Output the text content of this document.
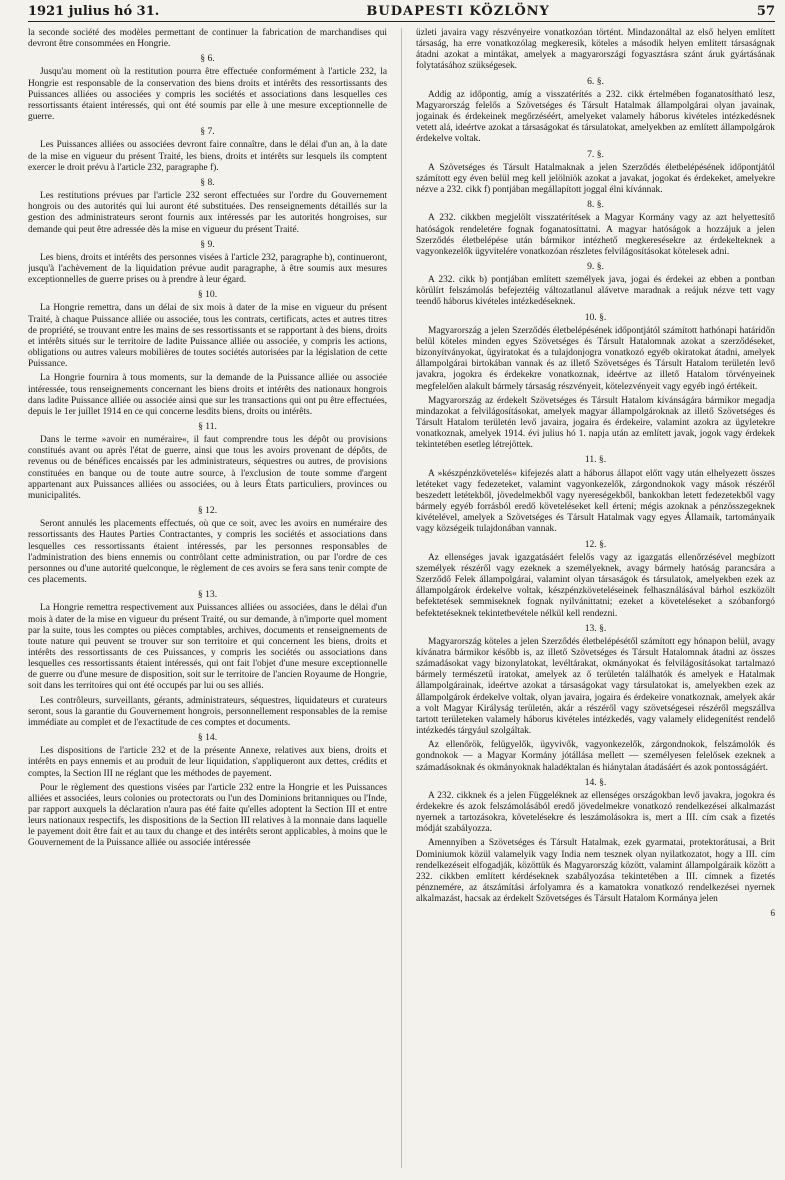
1921 julius hó 31.	BUDAPESTI KÖZLÖNY	57

la seconde société des modèles permettant de continuer la fabrication de marchandises qui devront être consommées en Hongrie.

§ 6.

Jusqu'au moment où la restitution pourra être effectuée conformément à l'article 232, la Hongrie est responsable de la conservation des biens droits et intérêts des ressortissants des Puissances alliées ou associées y compris les sociétés et associations dans lesquelles ces ressortissants étaient intéressés, qui ont été soumis par elle à une mesure exceptionnelle de guerre.

§ 7.

Les Puissances alliées ou associées devront faire connaître, dans le délai d'un an, à la date de la mise en vigueur du présent Traité, les biens, droits et intérêts sur lesquels ils comptent exercer le droit prévu à l'article 232, paragraphe f).

§ 8.

Les restitutions prévues par l'article 232 seront effectuées sur l'ordre du Gouvernement hongrois ou des autorités qui lui auront été substituées. Des renseignements détaillés sur la gestion des administrateurs seront fournis aux intéressés par les autorités hongroises, sur demande qui peut être adressée dès la mise en vigueur du présent Traité.

§ 9.

Les biens, droits et intérêts des personnes visées à l'article 232, paragraphe b), continueront, jusqu'à l'achèvement de la liquidation prévue audit paragraphe, à être soumis aux mesures exceptionnelles de guerre prises ou à prendre à leur égard.

§ 10.

La Hongrie remettra, dans un délai de six mois à dater de la mise en vigueur du présent Traité, à chaque Puissance alliée ou associée, tous les contrats, certificats, actes et autres titres de propriété, se trouvant entre les mains de ses ressortissants et se rapportant à des biens, droits et intérêts situés sur le territoire de ladite Puissance alliée ou associée, y compris les actions, obligations ou autres valeurs mobilières de toutes sociétés autorisées par la législation de cette Puissance.

La Hongrie fournira à tous moments, sur la demande de la Puissance alliée ou associée intéressée, tous renseignements concernant les biens droits et intérêts des nationaux hongrois dans ladite Puissance alliée ou associée ainsi que sur les transactions qui ont pu être effectuées, depuis le 1er juillet 1914 en ce qui concerne lesdits biens, droits ou intérêts.

§ 11.

Dans le terme »avoir en numéraire«, il faut comprendre tous les dépôt ou provisions constitués avant ou après l'état de guerre, ainsi que tous les avoirs provenant de dépôts, de revenus ou de bénéfices encaissés par les administrateurs, séquestres ou autres, de provisions constituées en banque ou de toute autre source, à l'exclusion de toute somme d'argent appartenant aux Puissances alliées ou associées, ou à leurs États particuliers, provinces ou municipalités.

§ 12.

Seront annulés les placements effectués, où que ce soit, avec les avoirs en numéraire des ressortissants des Hautes Parties Contractantes, y compris les sociétés et associations dans lesquelles ces ressortissants étaient intéressés, par les personnes responsables de l'administration des biens ennemis ou contrôlant cette administration, ou par l'ordre de ces personnes ou d'une autorité quelconque, le règlement de ces avoirs se fera sans tenir compte de ces placements.

§ 13.

La Hongrie remettra respectivement aux Puissances alliées ou associées, dans le délai d'un mois à dater de la mise en vigueur du présent Traité, ou sur demande, à n'importe quel moment par la suite, tous les comptes ou pièces comptables, archives, documents et renseignements de toute nature qui peuvent se trouver sur son territoire et qui concernent les biens, droits et intérêts des ressortissants de ces Puissances, y compris les sociétés ou associations dans lesquelles ces ressortissants étaient intéressés, qui ont fait l'objet d'une mesure exceptionnelle de guerre ou d'une mesure de disposition, soit sur le territoire de l'ancien Royaume de Hongrie, soit dans les territoires qui ont été occupés par lui ou ses alliés.

Les contrôleurs, surveillants, gérants, administrateurs, séquestres, liquidateurs et curateurs seront, sous la garantie du Gouvernement hongrois, personnellement responsables de la remise immédiate au complet et de l'exactitude de ces comptes et documents.

§ 14.

Les dispositions de l'article 232 et de la présente Annexe, relatives aux biens, droits et intérêts en pays ennemis et au produit de leur liquidation, s'appliqueront aux dettes, crédits et comptes, la Section III ne réglant que les méthodes de payement.

Pour le règlement des questions visées par l'article 232 entre la Hongrie et les Puissances alliées et associées, leurs colonies ou protectorats ou l'un des Dominions britanniques ou l'Inde, par rapport auxquels la déclaration n'aura pas été faite qu'elles adoptent la Section III et entre leurs nationaux respectifs, les dispositions de la Section III relatives à la monnaie dans laquelle le payement doit être fait et au taux du change et des intérêts seront applicables, à moins que le Gouvernement de la Puissance alliée ou associée intéressée

üzleti javaira vagy részvényeire vonatkozóan történt. Mindazonáltal az első helyen említett társaság, ha erre vonatkozólag megkeresik, köteles a második helyen említett társaságnak átadni azokat a mintákat, amelyek a magyarországi fogyasztásra szánt áruk gyártásának folytatásához szükségesek.

6. §.

Addig az időpontig, amíg a visszatérítés a 232. cikk értelmében foganatosítható lesz, Magyarország felelős a Szövetséges és Társult Hatalmak állampolgárai olyan javainak, jogainak és érdekeinek megőrzéséért, amelyeket valamely háborus kivételes intézkedésnek vetett alá, ideértve azokat a társaságokat és társulatokat, amelyekben az említett állampolgárok érdekelve voltak.

7. §.

A Szövetséges és Társult Hatalmaknak a jelen Szerződés életbelépésének időpontjától számított egy éven belül meg kell jelölniök azokat a javakat, jogokat és érdekeket, amelyekre nézve a 232. cikk f) pontjában megállapított joggal élni kívánnak.

8. §.

A 232. cikkben megjelölt visszatérítések a Magyar Kormány vagy az azt helyettesítő hatóságok rendeletére fognak foganatosíttatni. A magyar hatóságok a hozzájuk a jelen Szerződés életbelépése után bármikor intézhető megkeresésekre az érdekelteknek a vagyonkezelők ügyvitelére vonatkozóan részletes felvilágosításokat kötelesek adni.

9. §.

A 232. cikk b) pontjában említett személyek java, jogai és érdekei az ebben a pontban körülírt felszámolás befejeztéig változatlanul alávetve maradnak a reájuk nézve tett vagy teendő háborus kivételes intézkedéseknek.

10. §.

Magyarország a jelen Szerződés életbelépésének időpontjától számított hathónapi határidőn belül köteles minden egyes Szövetséges és Társult Hatalomnak azokat a szerződéseket, bizonyítványokat, ügyiratokat és a tulajdonjogra vonatkozó egyéb okiratokat átadni, amelyek állampolgárai birtokában vannak és az illető Szövetséges és Társult Hatalom területén levő javakra, jogokra és érdekekre vonatkoznak, ideértve az illető Hatalom törvényeinek megfelelően alakult bármely társaság részvényeit, kötelezvényeit vagy egyéb ingó értékeit.

Magyarország az érdekelt Szövetséges és Társult Hatalom kívánságára bármikor megadja mindazokat a felvilágosításokat, amelyek magyar állampolgároknak az illető Szövetséges és Társult Hatalom területén levő javaira, jogaira és érdekeire, valamint azokra az ügyletekre vonatkoznak, amelyek 1914. évi julius hó 1. napja után az említett javak, jogok vagy érdekek tekintetében esetleg létrejöttek.

11. §.

A »készpénzkövetelés« kifejezés alatt a háborus állapot előtt vagy után elhelyezett összes letéteket vagy fedezeteket, valamint vagyonkezelők, zárgondnokok vagy mások részéről beszedett letétekből, jövedelmekből vagy nyereségekből, bankokban letett fedezetekből vagy bármely egyéb forrásból eredő követeléseket kell érteni; mégis azoknak a pénzösszegeknek kivételével, amelyek a Szövetséges és Társult Hatalmak vagy egyes Államaik, tartományaik vagy községeik tulajdonában vannak.

12. §.

Az ellenséges javak igazgatásáért felelős vagy az igazgatás ellenőrzésével megbízott személyek részéről vagy ezeknek a személyeknek, avagy bármely hatóság parancsára a Szerződő Felek állampolgárai, valamint olyan társaságok és társulatok, amelyekben ezek az állampolgárok érdekelve voltak, készpénzköveteléseinek felhasználásával bárhol eszközölt befektetések semmiseknek fognak nyilvánittatni; ezeket a követeléseket a szóbanforgó befektetéseknek tekintetbevétele nélkül kell rendezni.

13. §.

Magyarország köteles a jelen Szerződés életbelépésétől számított egy hónapon belül, avagy kívánatra bármikor később is, az illető Szövetséges és Társult Hatalomnak átadni az összes számadásokat vagy bizonylatokat, levéltárakat, okmányokat és felvilágosításokat tartalmazó bármely természetű iratokat, amelyek az ő területén találhatók és amelyek e Hatalmak állampolgárainak, ideértve azokat a társaságokat vagy társulatokat is, amelyekben ezek az állampolgárok érdekelve voltak, olyan javaira, jogaira és érdekeire vonatkoznak, amelyek akár a volt Magyar Királyság területén, akár a részéről vagy szövetségesei részéről megszállva tartott területeken valamely háborus kivételes intézkedés, vagy valamely elidegenítést rendelő intézkedés tárgyául szolgáltak.

Az ellenőrök, felügyelők, ügyvivők, vagyonkezelők, zárgondnokok, felszámolók és gondnokok — a Magyar Kormány jótállása mellett — személyesen felelősek ezeknek a számadásoknak és okmányoknak haladéktalan és hiánytalan átadásáért és azok pontosságáért.

14. §.

A 232. cikknek és a jelen Függeléknek az ellenséges országokban levő javakra, jogokra és érdekekre és azok felszámolásából eredő jövedelmekre vonatkozó rendelkezései alkalmazást nyernek a tartozásokra, követelésekre és leszámolásokra is, mert a III. cím csak a fizetés módját szabályozza.

Amennyiben a Szövetséges és Társult Hatalmak, ezek gyarmatai, protektorátusai, a Brit Dominiumok közül valamelyik vagy India nem tesznek olyan nyilatkozatot, hogy a III. cím rendelkezéseit elfogadják, közöttük és Magyarország között, valamint állampolgáraik között a 232. cikkben említett kérdéseknek szabályozása tekintetében a III. címnek a fizetés pénznemére, az átszámítási árfolyamra és a kamatokra vonatkozó rendelkezései nyernek alkalmazást, hacsak az érdekelt Szövetséges és Társult Hatalom Kormánya jelen

6
